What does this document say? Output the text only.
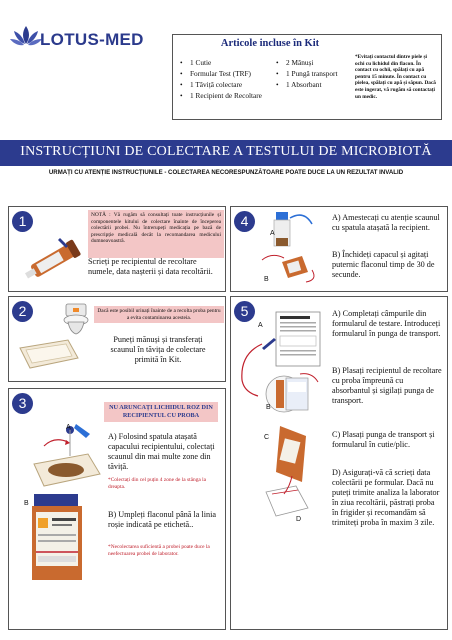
LOTUS-MED	Articole incluse în Kit
• 1 Cutie
• Formular Test (TRF)
• 1 Tăviță colectare
• 1 Recipient de Recoltare
• 2 Mănuși
• 1 Pungă transport
• 1 Absorbant
*Evitați contactul dintre piele și ochi cu lichidul din flacon. În contact cu ochii, spălați cu apă pentru 15 minute. În contact cu pielea, spălați cu apă și săpun. Dacă este ingerat, vă rugăm să contactați un medic.
INSTRUCȚIUNI DE COLECTARE A TESTULUI DE MICROBIOTĂ
URMAȚI CU ATENȚIE INSTRUCȚIUNILE - COLECTAREA NECORESPUNZĂTOARE POATE DUCE LA UN REZULTAT INVALID
1	NOTĂ : Vă rugăm să consultați toate instrucțiunile și componentele kitului de colectare înainte de începerea colectării probei. Nu întrerupeți medicația pe bază de prescripție medicală decât la recomandarea medicului dumneavoastră.
Scrieți pe recipientul de recoltare numele, data nașterii și data recoltării.
2	Dacă este posibil urinați înainte de a recolta proba pentru a evita contaminarea acesteia.
Puneți mănuși și transferați scaunul în tăvița de colectare primită în Kit.
3	NU ARUNCAȚI LICHIDUL ROZ DIN RECIPIENTUL CU PROBA
A
A) Folosind spatula atașată capacului recipientului, colectați scaunul din mai multe zone din tăviță.
*Colectați din cel puțin 4 zone de la stânga la dreapta.
B
B) Umpleți flaconul până la linia roșie indicată pe etichetă..
*Necolectarea suficientă a probei poate duce la neefectuarea probei de laborator.
4
A
B
A) Amestecați cu atenție scaunul cu spatula atașată la recipient.
B) Închideți capacul și agitați puternic flaconul timp de 30 de secunde.
5
A
B
C
D
A) Completați câmpurile din formularul de testare. Introduceți formularul în punga de transport.
B) Plasați recipientul de recoltare cu proba împreună cu absorbantul și sigilați punga de transport.
C) Plasați punga de transport și formularul în cutie/plic.
D) Asigurați-vă că scrieți data colectării pe formular. Dacă nu puteți trimite analiza la laborator în ziua recoltării, păstrați proba în frigider și recomandăm să trimiteți proba în maxim 3 zile.
